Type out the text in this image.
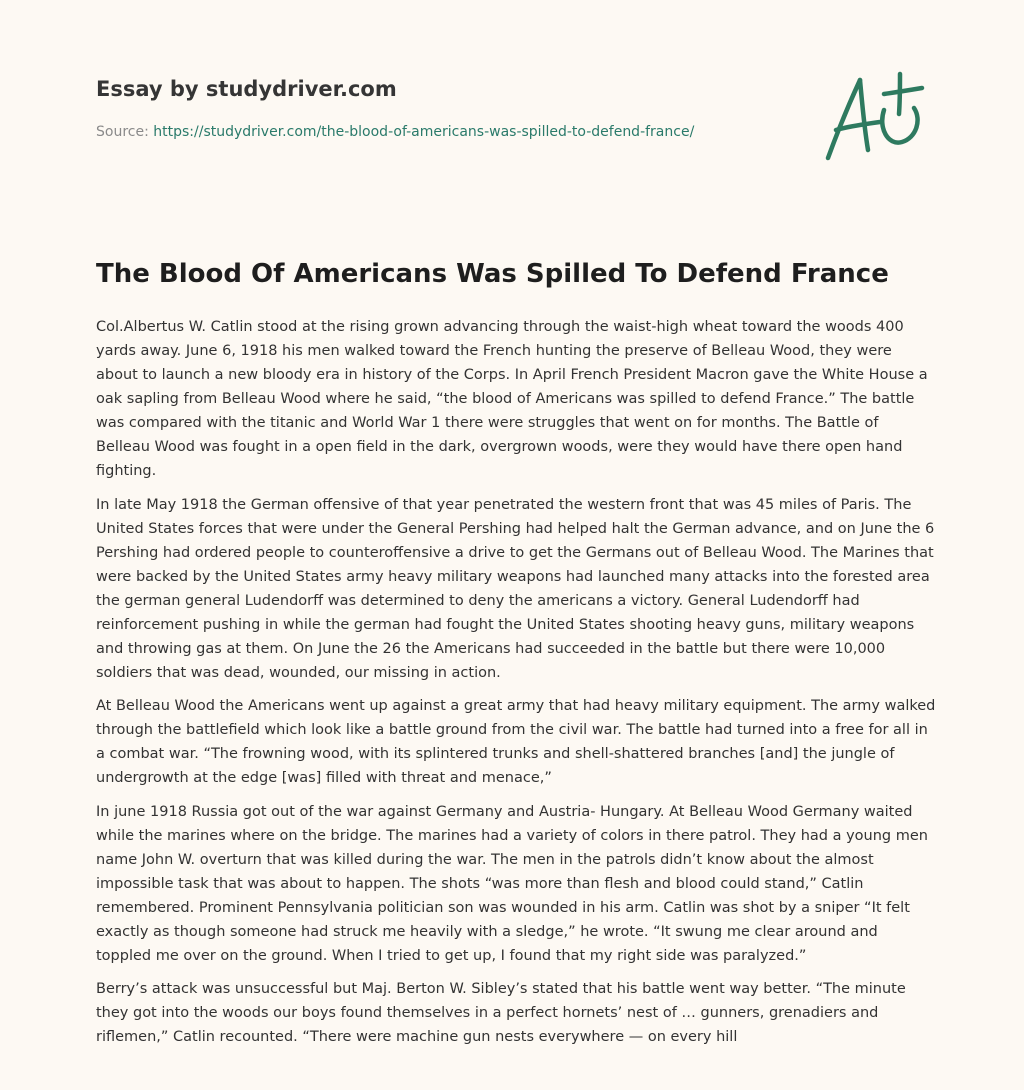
Essay by studydriver.com
Source: https://studydriver.com/the-blood-of-americans-was-spilled-to-defend-france/
The Blood Of Americans Was Spilled To Defend France

Col.Albertus W. Catlin stood at the rising grown advancing through the waist-high wheat toward the woods 400 yards away. June 6, 1918 his men walked toward the French hunting the preserve of Belleau Wood, they were about to launch a new bloody era in history of the Corps. In April French President Macron gave the White House a oak sapling from Belleau Wood where he said, “the blood of Americans was spilled to defend France.” The battle was compared with the titanic and World War 1 there were struggles that went on for months. The Battle of Belleau Wood was fought in a open field in the dark, overgrown woods, were they would have there open hand fighting.

In late May 1918 the German offensive of that year penetrated the western front that was 45 miles of Paris. The United States forces that were under the General Pershing had helped halt the German advance, and on June the 6 Pershing had ordered people to counteroffensive a drive to get the Germans out of Belleau Wood. The Marines that were backed by the United States army heavy military weapons had launched many attacks into the forested area the german general Ludendorff was determined to deny the americans a victory. General Ludendorff had reinforcement pushing in while the german had fought the United States shooting heavy guns, military weapons and throwing gas at them. On June the 26 the Americans had succeeded in the battle but there were 10,000 soldiers that was dead, wounded, our missing in action.

At Belleau Wood the Americans went up against a great army that had heavy military equipment. The army walked through the battlefield which look like a battle ground from the civil war. The battle had turned into a free for all in a combat war. “The frowning wood, with its splintered trunks and shell-shattered branches [and] the jungle of undergrowth at the edge [was] filled with threat and menace,”

In june 1918 Russia got out of the war against Germany and Austria- Hungary. At Belleau Wood Germany waited while the marines where on the bridge. The marines had a variety of colors in there patrol. They had a young men name John W. overturn that was killed during the war. The men in the patrols didn’t know about the almost impossible task that was about to happen. The shots “was more than flesh and blood could stand,” Catlin remembered. Prominent Pennsylvania politician son was wounded in his arm. Catlin was shot by a sniper “It felt exactly as though someone had struck me heavily with a sledge,” he wrote. “It swung me clear around and toppled me over on the ground. When I tried to get up, I found that my right side was paralyzed.”

Berry’s attack was unsuccessful but Maj. Berton W. Sibley’s stated that his battle went way better. “The minute they got into the woods our boys found themselves in a perfect hornets’ nest of … gunners, grenadiers and riflemen,” Catlin recounted. “There were machine gun nests everywhere — on every hill
